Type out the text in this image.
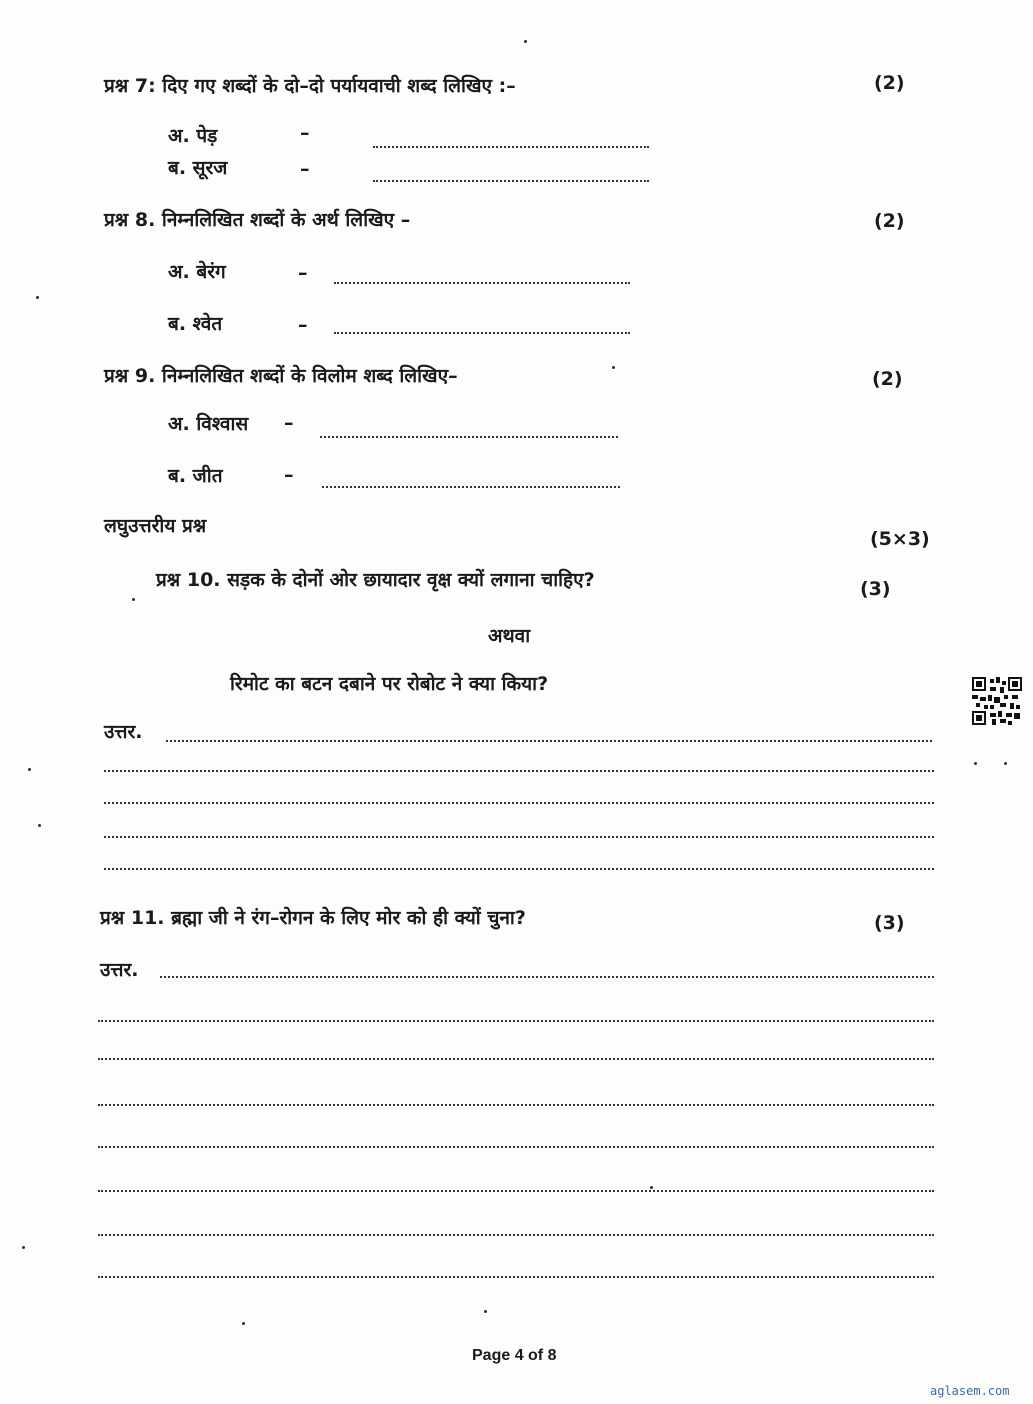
प्रश्न 7: दिए गए शब्दों के दो–दो पर्यायवाची शब्द लिखिए :–	(2)
अ. पेड़	–
ब. सूरज	–
प्रश्न 8. निम्नलिखित शब्दों के अर्थ लिखिए –	(2)
अ. बेरंग	–
ब. श्वेत	–
प्रश्न 9. निम्नलिखित शब्दों के विलोम शब्द लिखिए–	(2)
अ. विश्वास –
ब. जीत	–
लघुउत्तरीय प्रश्न
(5×3)
प्रश्न 10. सड़क के दोनों ओर छायादार वृक्ष क्यों लगाना चाहिए?	(3)
अथवा
रिमोट का बटन दबाने पर रोबोट ने क्या किया?
उत्तर.
प्रश्न 11. ब्रह्मा जी ने रंग–रोगन के लिए मोर को ही क्यों चुना?	(3)
उत्तर.
Page 4 of 8
aglasem.com
